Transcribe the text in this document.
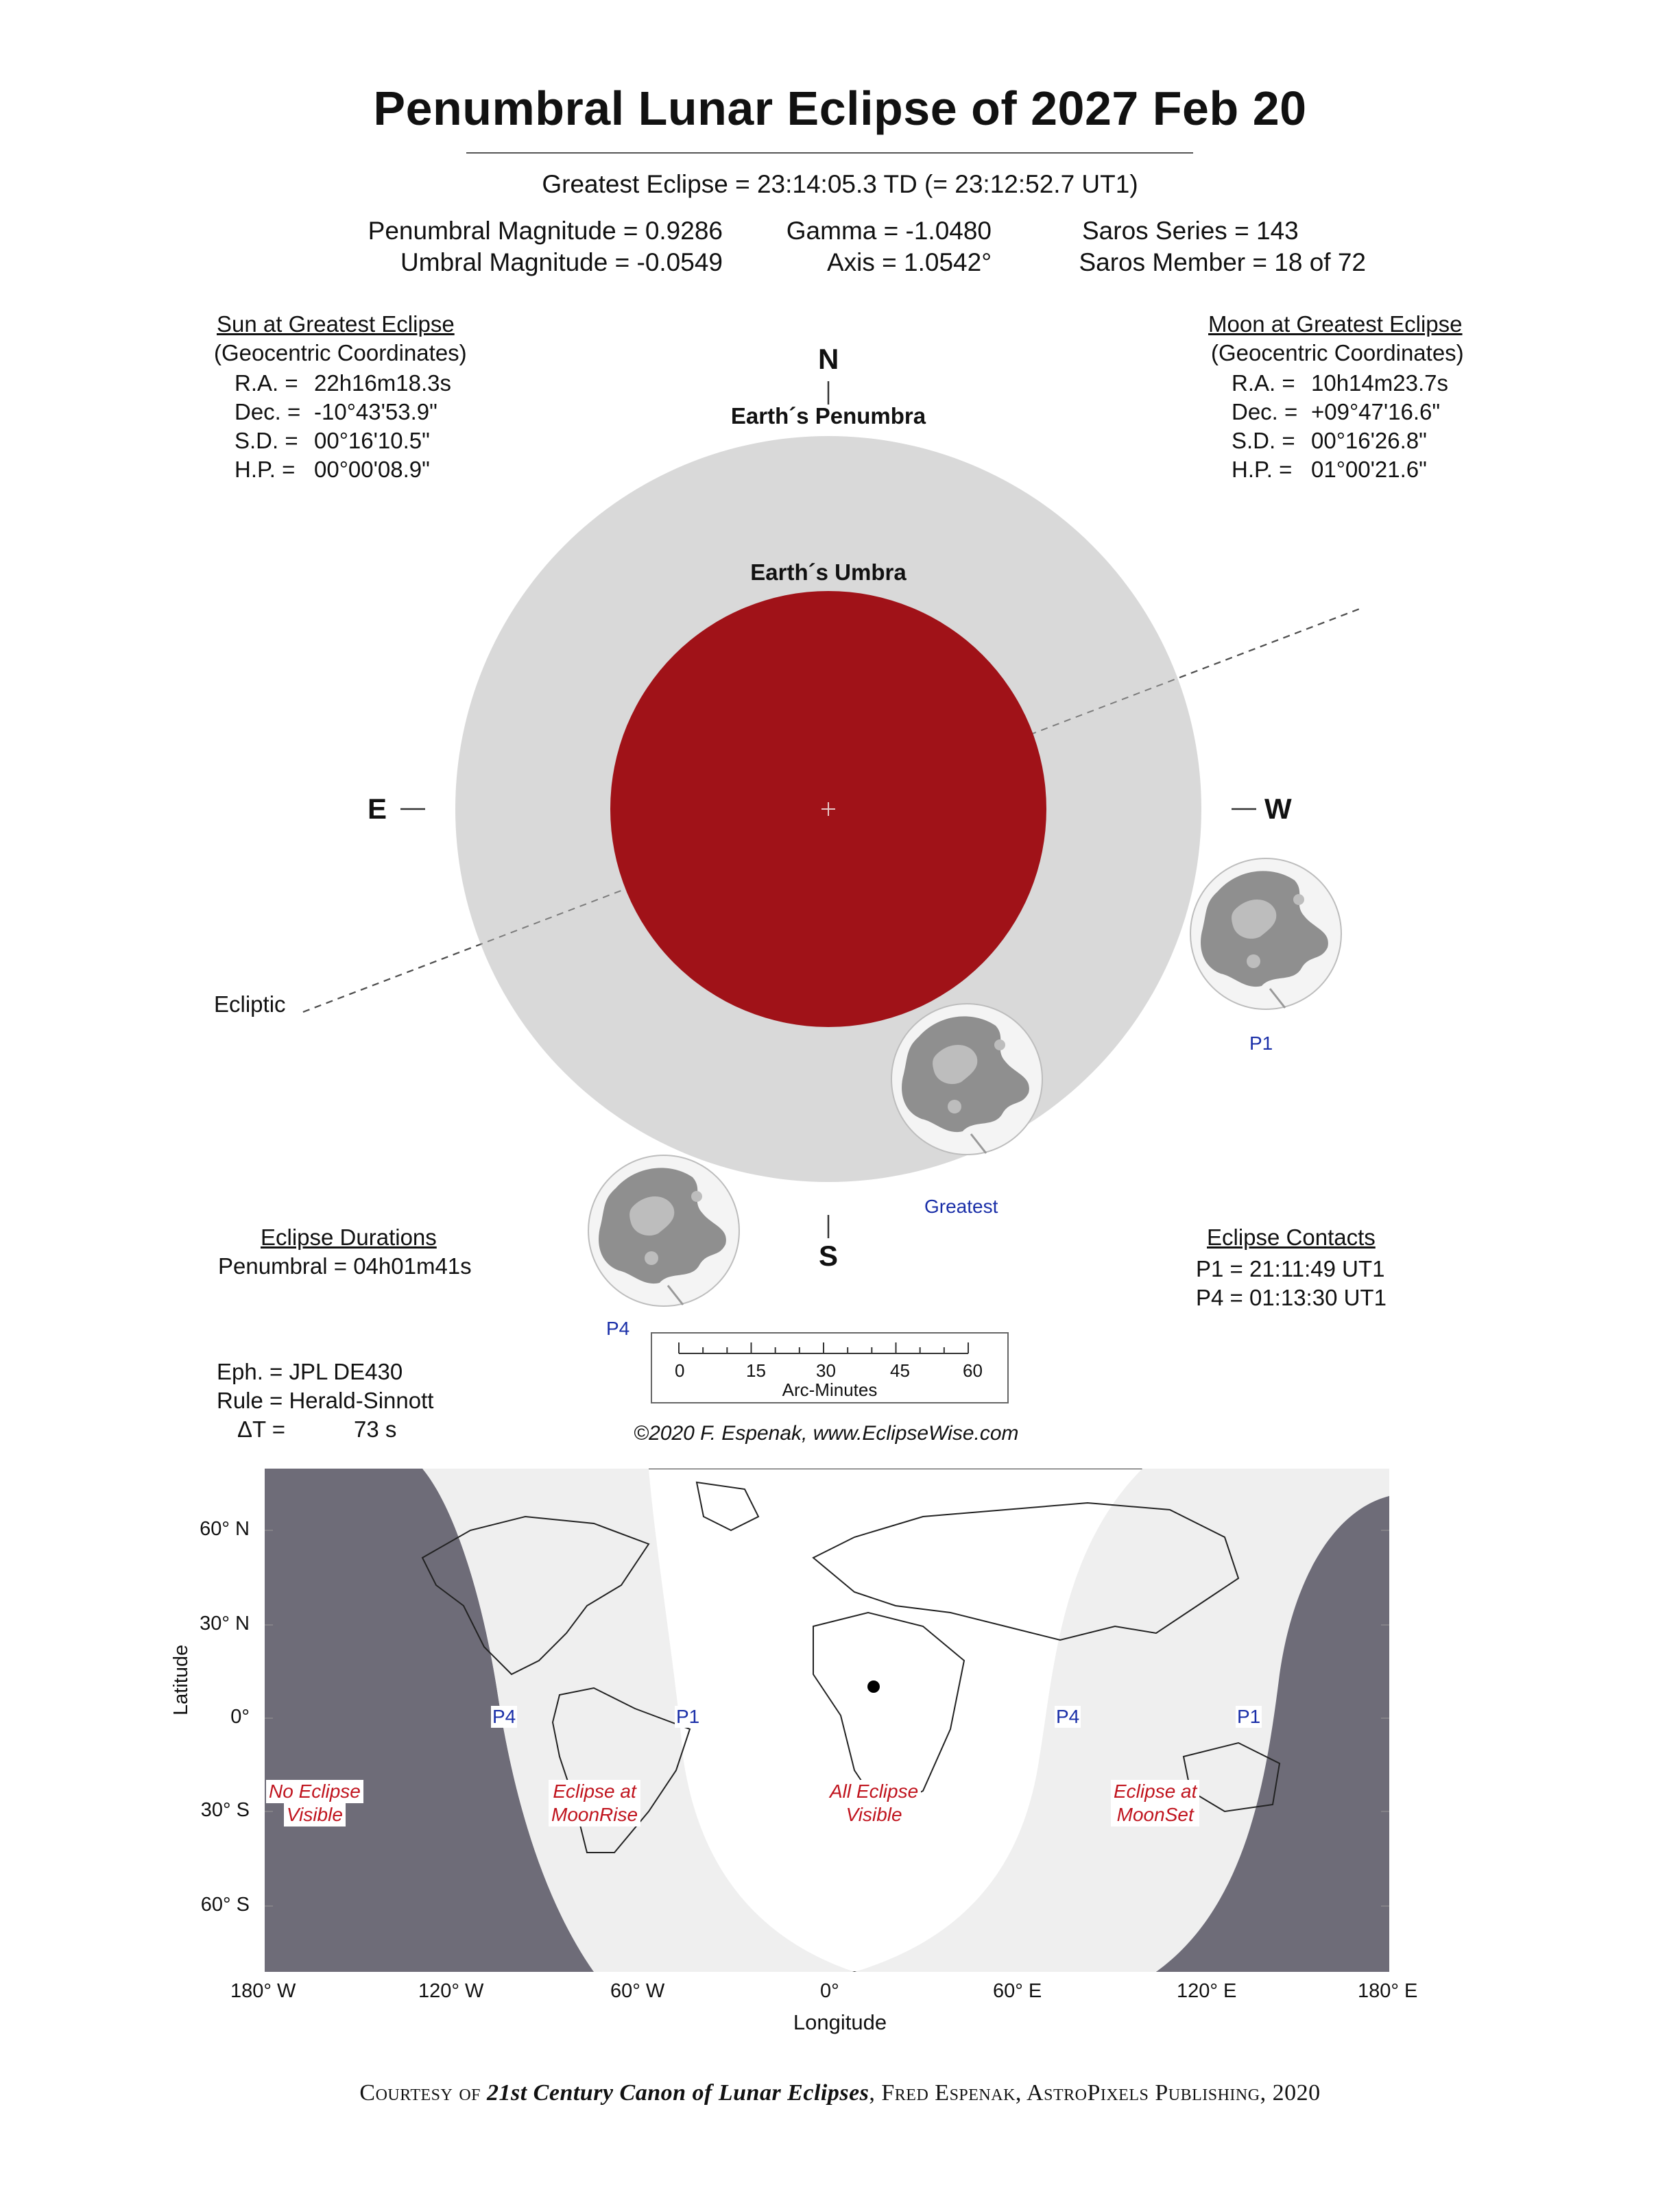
Penumbral Lunar Eclipse of 2027 Feb 20
Greatest Eclipse = 23:14:05.3 TD (= 23:12:52.7 UT1)
Penumbral Magnitude = 0.9286
Umbral Magnitude = -0.0549
Gamma = -1.0480
Axis = 1.0542°
Saros Series = 143
Saros Member = 18 of 72
Sun at Greatest Eclipse
(Geocentric Coordinates)
R.A. = 22h16m18.3s
Dec. = -10°43'53.9"
S.D. = 00°16'10.5"
H.P. = 00°00'08.9"
Moon at Greatest Eclipse
(Geocentric Coordinates)
R.A. = 10h14m23.7s
Dec. = +09°47'16.6"
S.D. = 00°16'26.8"
H.P. = 01°00'21.6"
N
S
E	W
Earth´s Penumbra
Earth´s Umbra
Ecliptic
P1
Greatest
P4
0	15	30	45	60
Arc-Minutes
©2020 F. Espenak, www.EclipseWise.com
Eclipse Durations
Penumbral = 04h01m41s
Eclipse Contacts
P1 = 21:11:49 UT1
P4 = 01:13:30 UT1
Eph. = JPL DE430
Rule = Herald-Sinnott
ΔT =	73 s
Latitude
60° N
30° N
0°
30° S
60° S
180° W	120° W	60° W	0°	60° E	120° E	180° E
Longitude
P4	P1	P4	P1
No Eclipse
Visible
Eclipse at
MoonRise
All Eclipse
Visible
Eclipse at
MoonSet
Courtesy of 21st Century Canon of Lunar Eclipses, Fred Espenak, AstroPixels Publishing, 2020
